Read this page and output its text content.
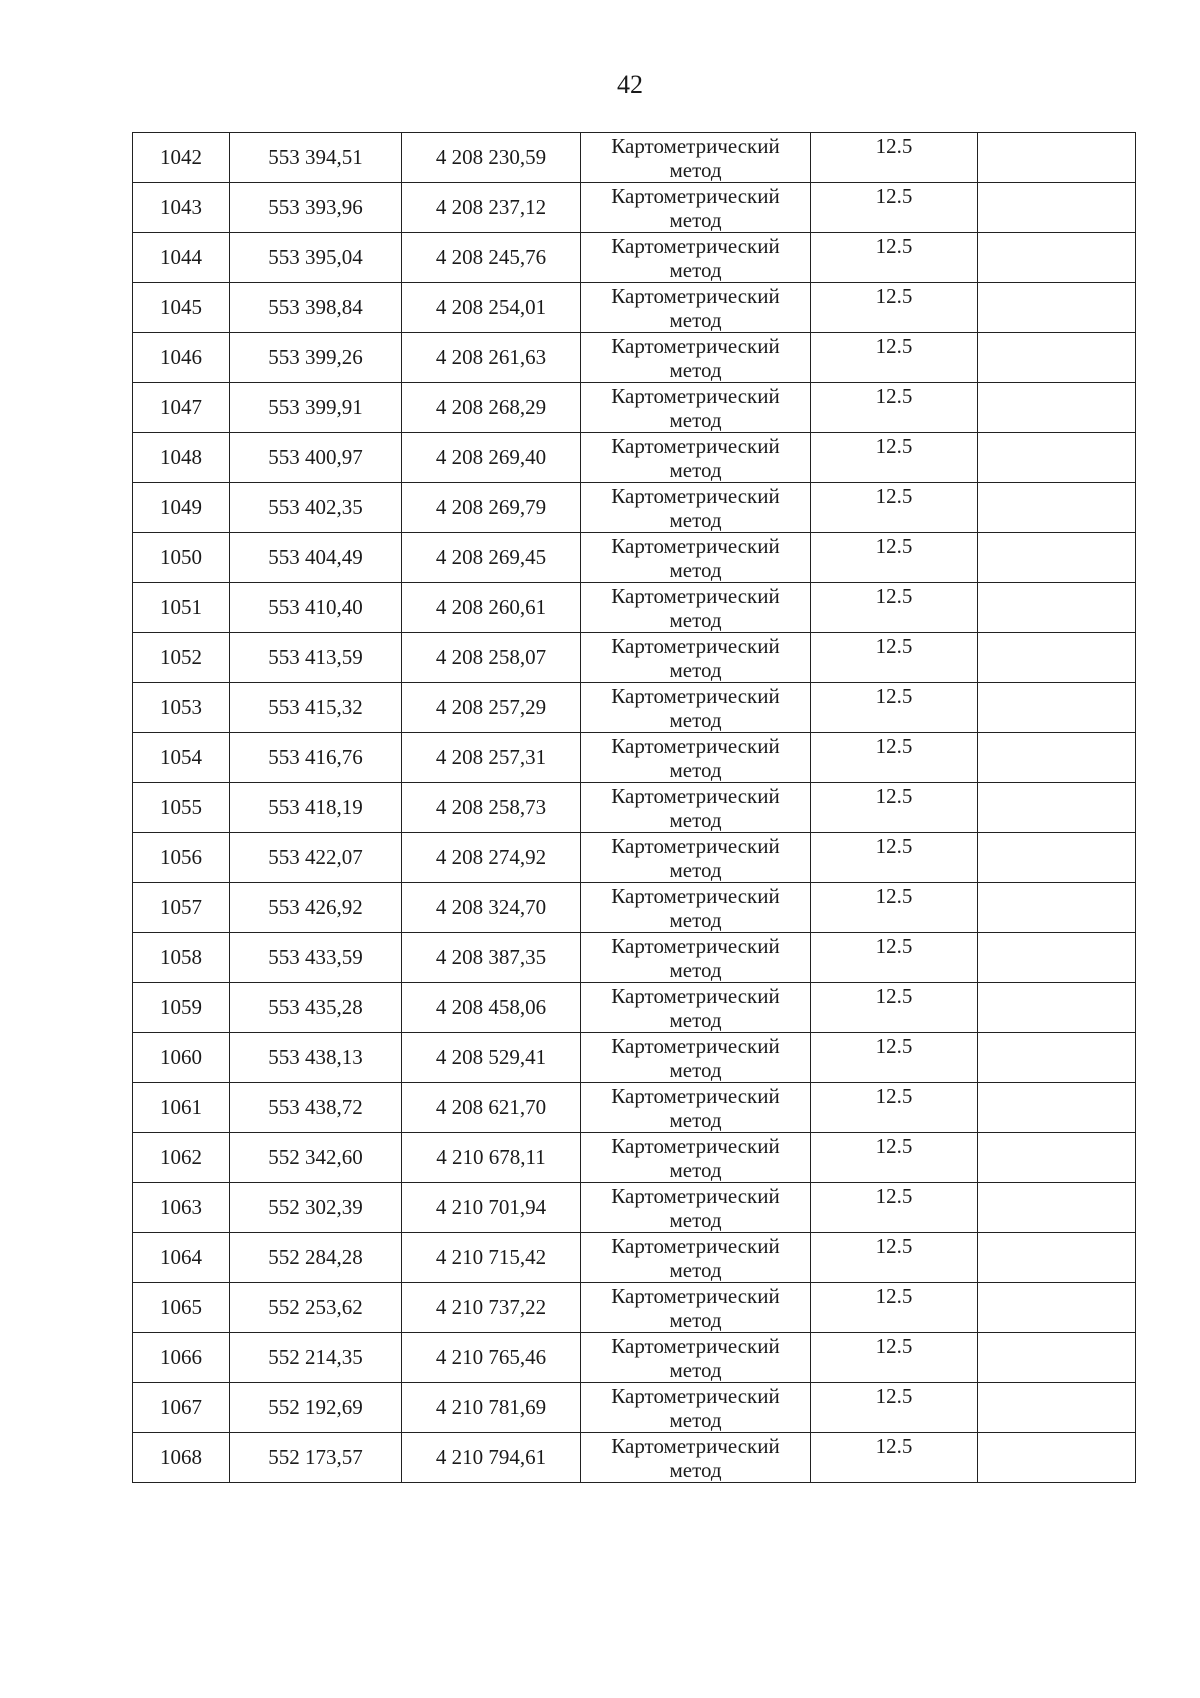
42
1042	553 394,51	4 208 230,59	Картометрический
метод	12.5	
1043	553 393,96	4 208 237,12	Картометрический
метод	12.5	
1044	553 395,04	4 208 245,76	Картометрический
метод	12.5	
1045	553 398,84	4 208 254,01	Картометрический
метод	12.5	
1046	553 399,26	4 208 261,63	Картометрический
метод	12.5	
1047	553 399,91	4 208 268,29	Картометрический
метод	12.5	
1048	553 400,97	4 208 269,40	Картометрический
метод	12.5	
1049	553 402,35	4 208 269,79	Картометрический
метод	12.5	
1050	553 404,49	4 208 269,45	Картометрический
метод	12.5	
1051	553 410,40	4 208 260,61	Картометрический
метод	12.5	
1052	553 413,59	4 208 258,07	Картометрический
метод	12.5	
1053	553 415,32	4 208 257,29	Картометрический
метод	12.5	
1054	553 416,76	4 208 257,31	Картометрический
метод	12.5	
1055	553 418,19	4 208 258,73	Картометрический
метод	12.5	
1056	553 422,07	4 208 274,92	Картометрический
метод	12.5	
1057	553 426,92	4 208 324,70	Картометрический
метод	12.5	
1058	553 433,59	4 208 387,35	Картометрический
метод	12.5	
1059	553 435,28	4 208 458,06	Картометрический
метод	12.5	
1060	553 438,13	4 208 529,41	Картометрический
метод	12.5	
1061	553 438,72	4 208 621,70	Картометрический
метод	12.5	
1062	552 342,60	4 210 678,11	Картометрический
метод	12.5	
1063	552 302,39	4 210 701,94	Картометрический
метод	12.5	
1064	552 284,28	4 210 715,42	Картометрический
метод	12.5	
1065	552 253,62	4 210 737,22	Картометрический
метод	12.5	
1066	552 214,35	4 210 765,46	Картометрический
метод	12.5	
1067	552 192,69	4 210 781,69	Картометрический
метод	12.5	
1068	552 173,57	4 210 794,61	Картометрический
метод	12.5	
